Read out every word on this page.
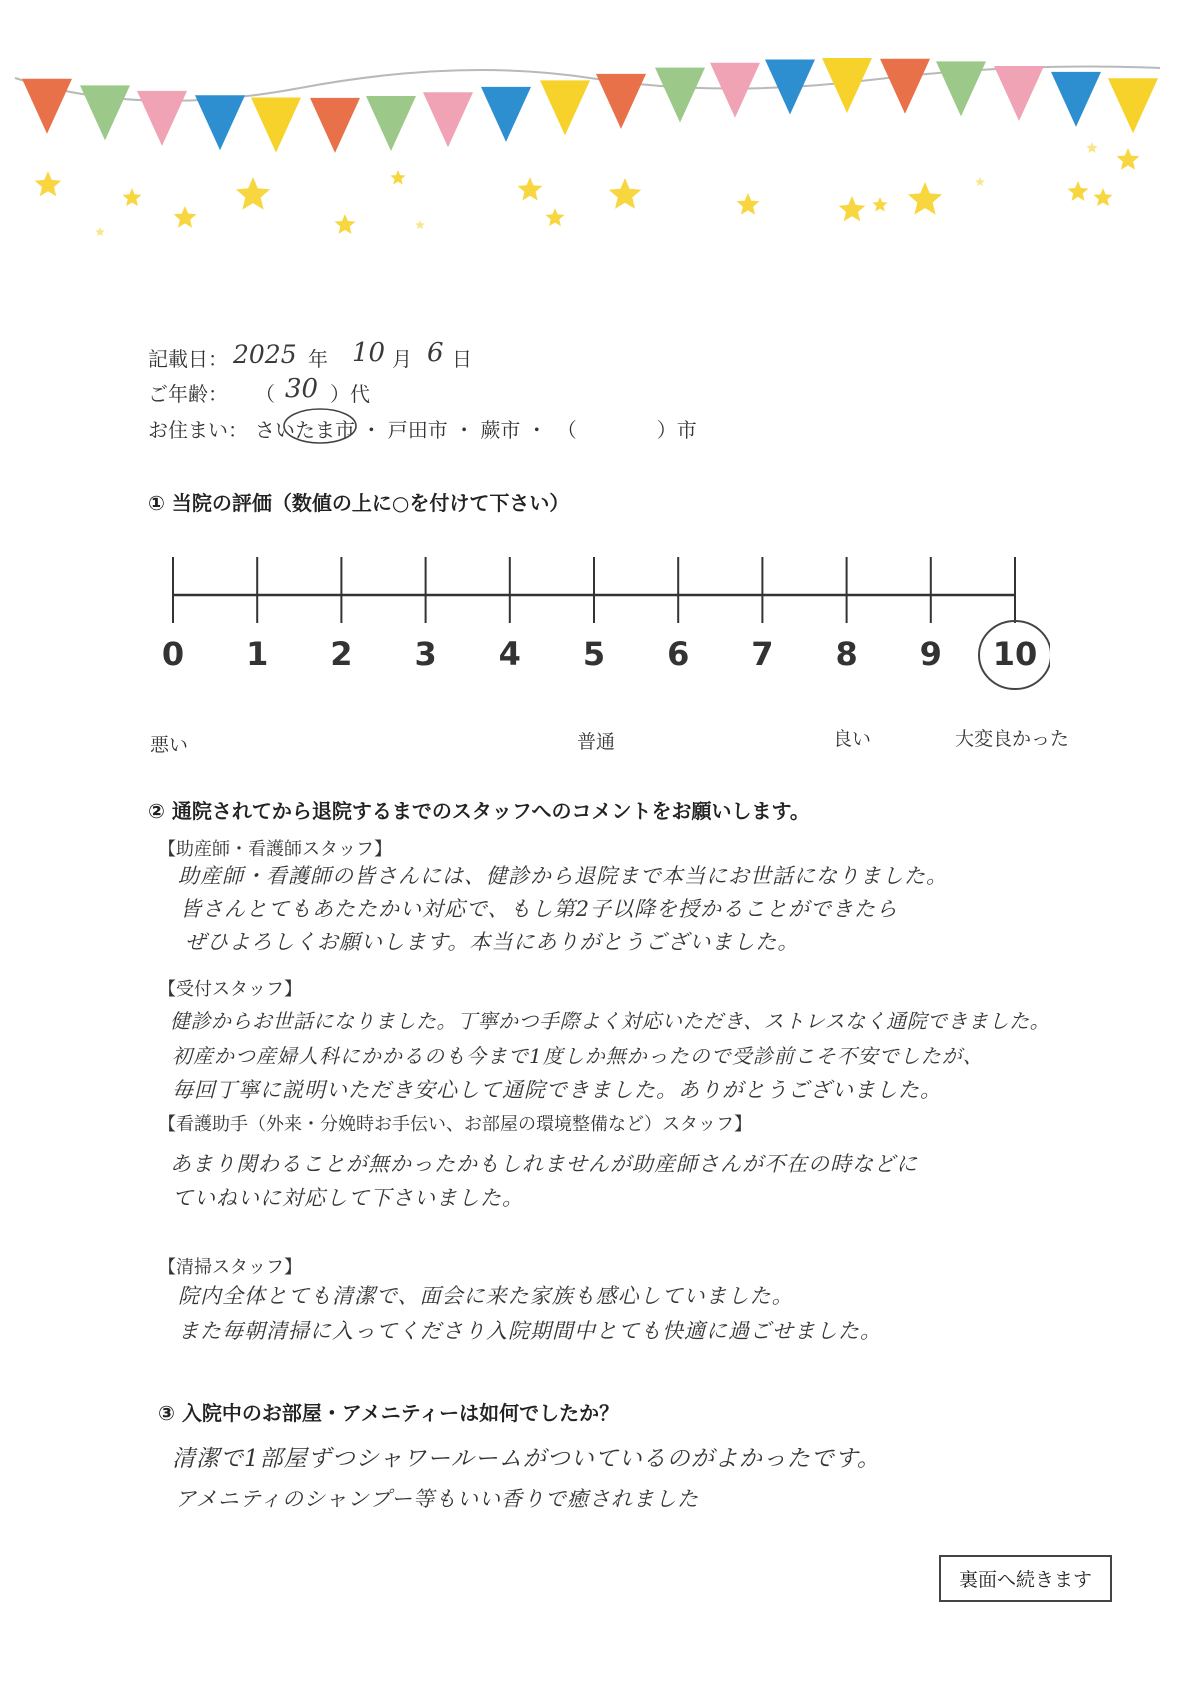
記載日： 2025 年 10 月 6 日
ご年齢： （ 30 ）代
お住まい： さいたま市 ・ 戸田市 ・ 蕨市 ・　（　　　　）市
① 当院の評価（数値の上に○を付けて下さい）
0 1 2 3 4 5 6 7 8 9 10
悪い	普通	良い	大変良かった
② 通院されてから退院するまでのスタッフへのコメントをお願いします。
【助産師・看護師スタッフ】
助産師・看護師の皆さんには、健診から退院まで本当にお世話になりました。
皆さんとてもあたたかい対応で、もし第2子以降を授かることができたら
ぜひよろしくお願いします。本当にありがとうございました。
【受付スタッフ】
健診からお世話になりました。丁寧かつ手際よく対応いただき、ストレスなく通院できました。
初産かつ産婦人科にかかるのも今まで1度しか無かったので受診前こそ不安でしたが、
毎回丁寧に説明いただき安心して通院できました。ありがとうございました。
【看護助手（外来・分娩時お手伝い、お部屋の環境整備など）スタッフ】
あまり関わることが無かったかもしれませんが助産師さんが不在の時などに
ていねいに対応して下さいました。
【清掃スタッフ】
院内全体とても清潔で、面会に来た家族も感心していました。
また毎朝清掃に入ってくださり入院期間中とても快適に過ごせました。
③ 入院中のお部屋・アメニティーは如何でしたか？
清潔で1部屋ずつシャワールームがついているのがよかったです。
アメニティのシャンプー等もいい香りで癒されました
裏面へ続きます
